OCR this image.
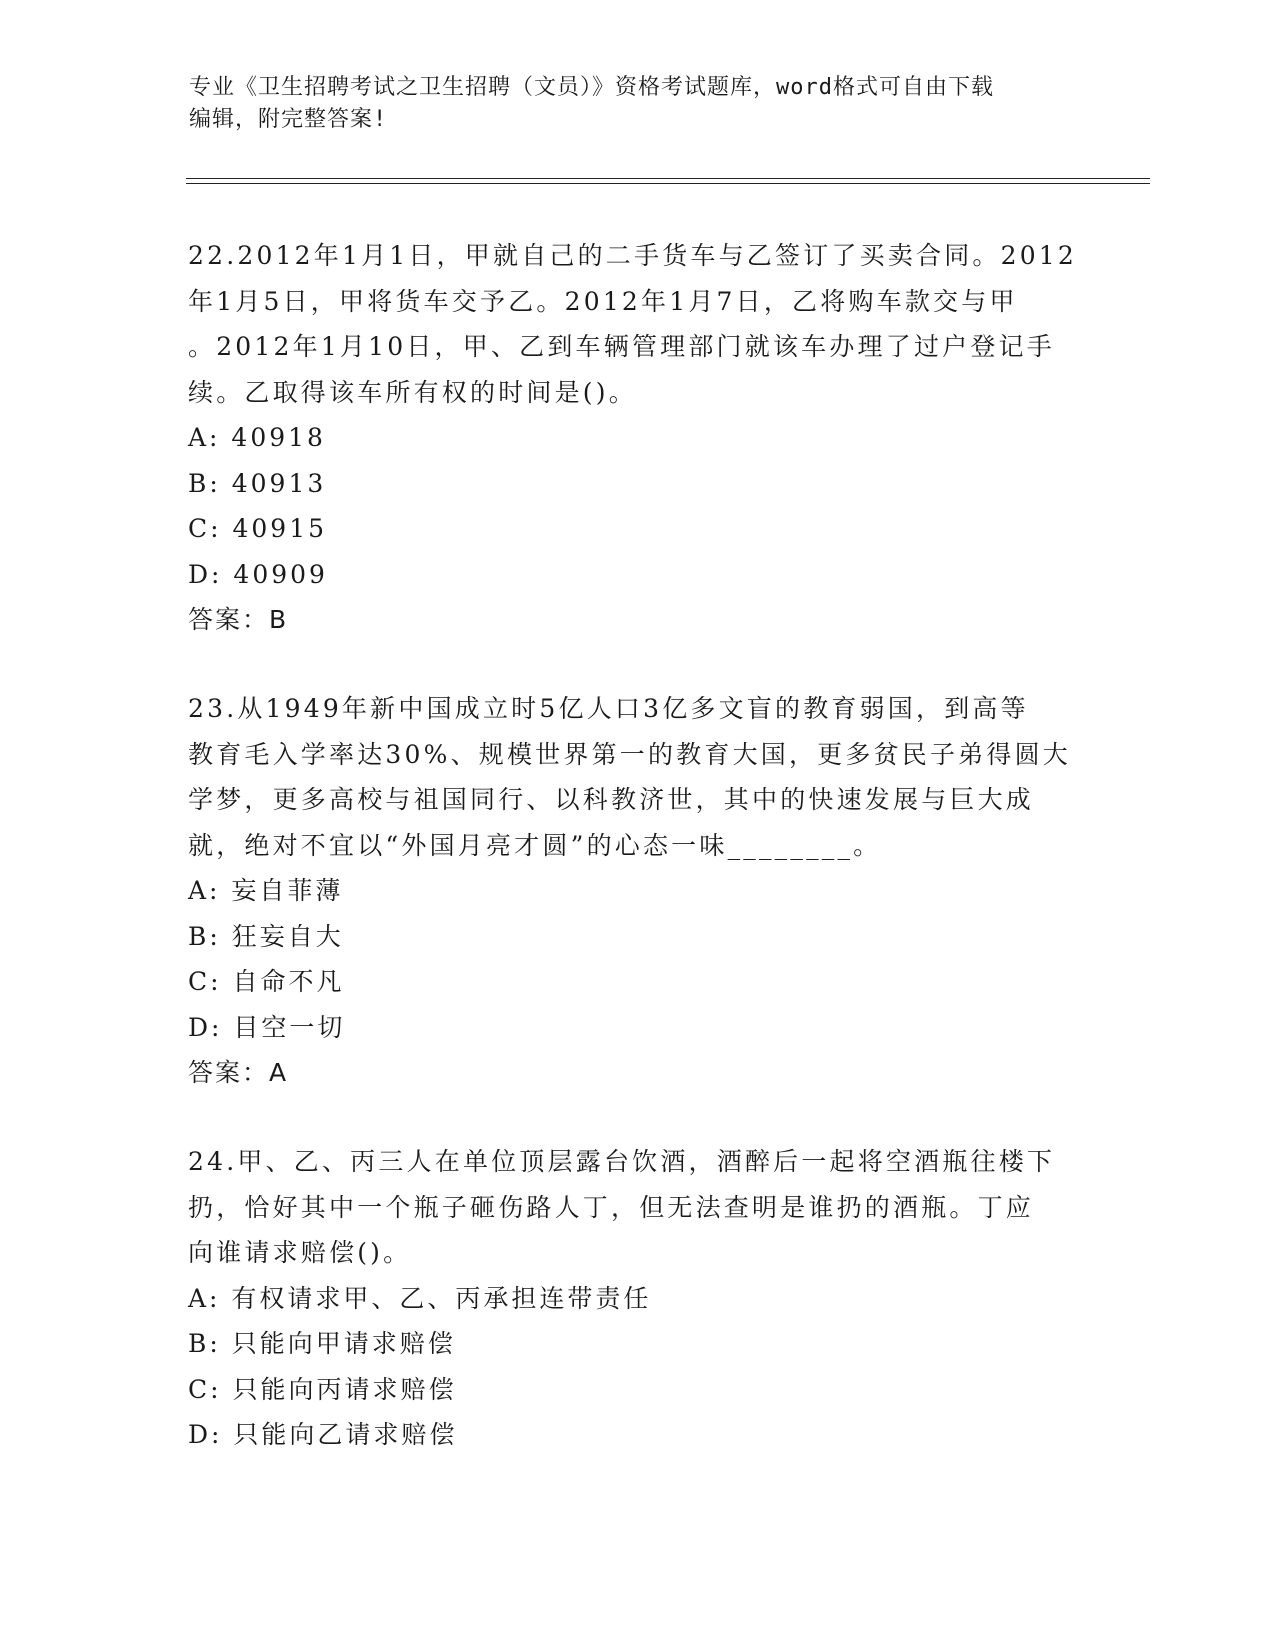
专业《卫生招聘考试之卫生招聘（文员）》资格考试题库，word格式可自由下载
编辑，附完整答案!

22.2012年1月1日，甲就自己的二手货车与乙签订了买卖合同。2012
年1月5日，甲将货车交予乙。2012年1月7日，乙将购车款交与甲
。2012年1月10日，甲、乙到车辆管理部门就该车办理了过户登记手
续。乙取得该车所有权的时间是()。

A: 40918
B: 40913
C: 40915
D: 40909
答案：B

23.从1949年新中国成立时5亿人口3亿多文盲的教育弱国，到高等
教育毛入学率达30%、规模世界第一的教育大国，更多贫民子弟得圆大
学梦，更多高校与祖国同行、以科教济世，其中的快速发展与巨大成
就，绝对不宜以“外国月亮才圆”的心态一味________。

A: 妄自菲薄
B: 狂妄自大
C: 自命不凡
D: 目空一切
答案：A

24.甲、乙、丙三人在单位顶层露台饮酒，酒醉后一起将空酒瓶往楼下
扔，恰好其中一个瓶子砸伤路人丁，但无法查明是谁扔的酒瓶。丁应
向谁请求赔偿()。

A: 有权请求甲、乙、丙承担连带责任
B: 只能向甲请求赔偿
C: 只能向丙请求赔偿
D: 只能向乙请求赔偿
